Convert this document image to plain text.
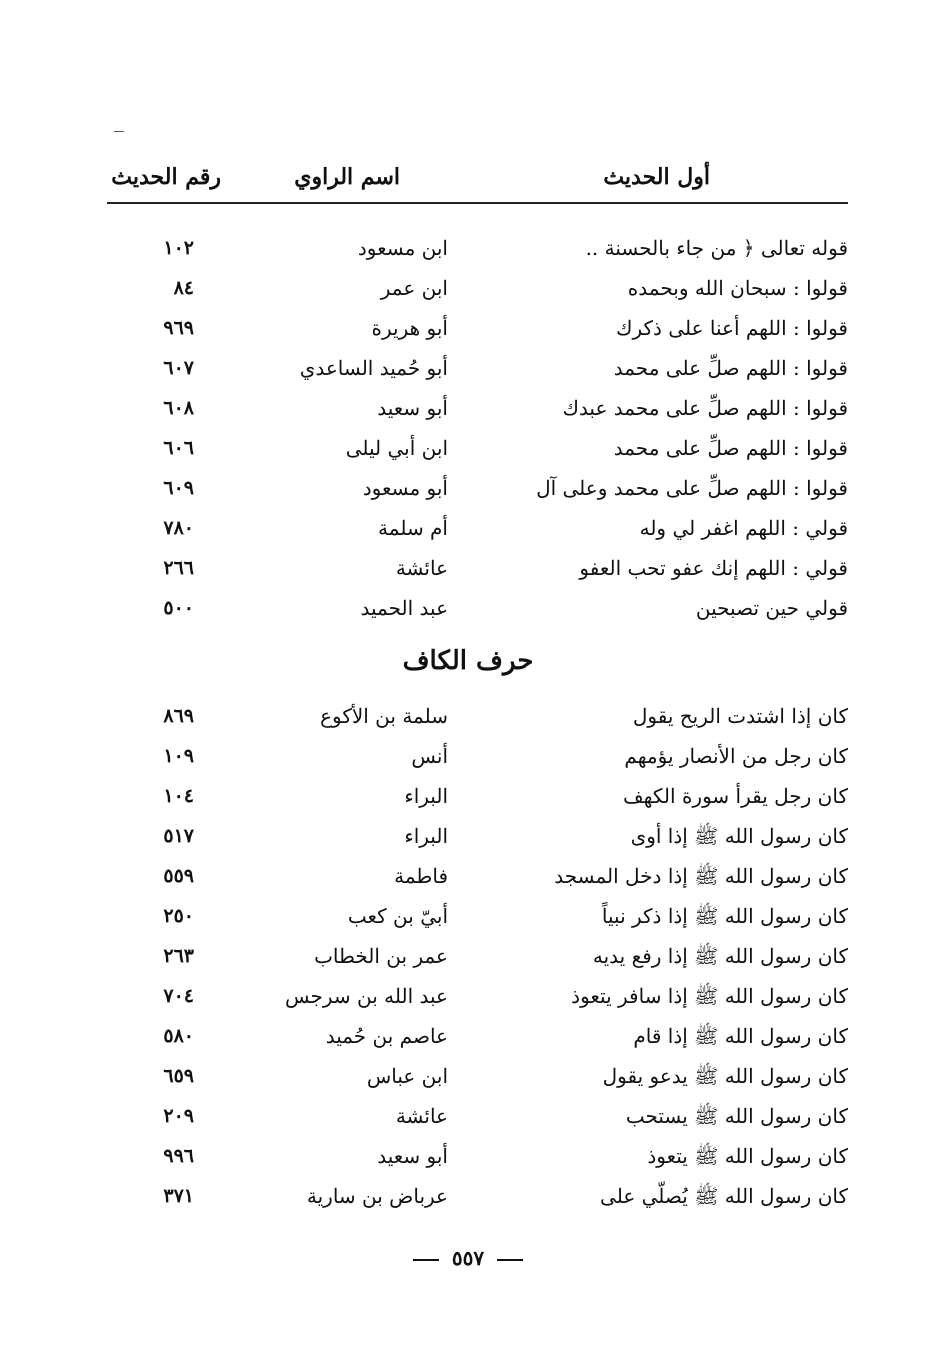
أول الحديث
اسم الراوي
رقم الحديث
قوله تعالى ﴿ من جاء بالحسنة ..
ابن مسعود
١٠٢
قولوا : سبحان الله وبحمده
ابن عمر
٨٤
قولوا : اللهم أعنا على ذكرك
أبو هريرة
٩٦٩
قولوا : اللهم صلِّ على محمد
أبو حُميد الساعدي
٦٠٧
قولوا : اللهم صلِّ على محمد عبدك
أبو سعيد
٦٠٨
قولوا : اللهم صلِّ على محمد
ابن أبي ليلى
٦٠٦
قولوا : اللهم صلِّ على محمد وعلى آل
أبو مسعود
٦٠٩
قولي : اللهم اغفر لي وله
أم سلمة
٧٨٠
قولي : اللهم إنك عفو تحب العفو
عائشة
٢٦٦
قولي حين تصبحين
عبد الحميد
٥٠٠
حرف الكاف
كان إذا اشتدت الريح يقول
سلمة بن الأكوع
٨٦٩
كان رجل من الأنصار يؤمهم
أنس
١٠٩
كان رجل يقرأ سورة الكهف
البراء
١٠٤
كان رسول الله ﷺ إذا أوى
البراء
٥١٧
كان رسول الله ﷺ إذا دخل المسجد
فاطمة
٥٥٩
كان رسول الله ﷺ إذا ذكر نبياً
أبيّ بن كعب
٢٥٠
كان رسول الله ﷺ إذا رفع يديه
عمر بن الخطاب
٢٦٣
كان رسول الله ﷺ إذا سافر يتعوذ
عبد الله بن سرجس
٧٠٤
كان رسول الله ﷺ إذا قام
عاصم بن حُميد
٥٨٠
كان رسول الله ﷺ يدعو يقول
ابن عباس
٦٥٩
كان رسول الله ﷺ يستحب
عائشة
٢٠٩
كان رسول الله ﷺ يتعوذ
أبو سعيد
٩٩٦
كان رسول الله ﷺ يُصلّي على
عرباض بن سارية
٣٧١
٥٥٧
